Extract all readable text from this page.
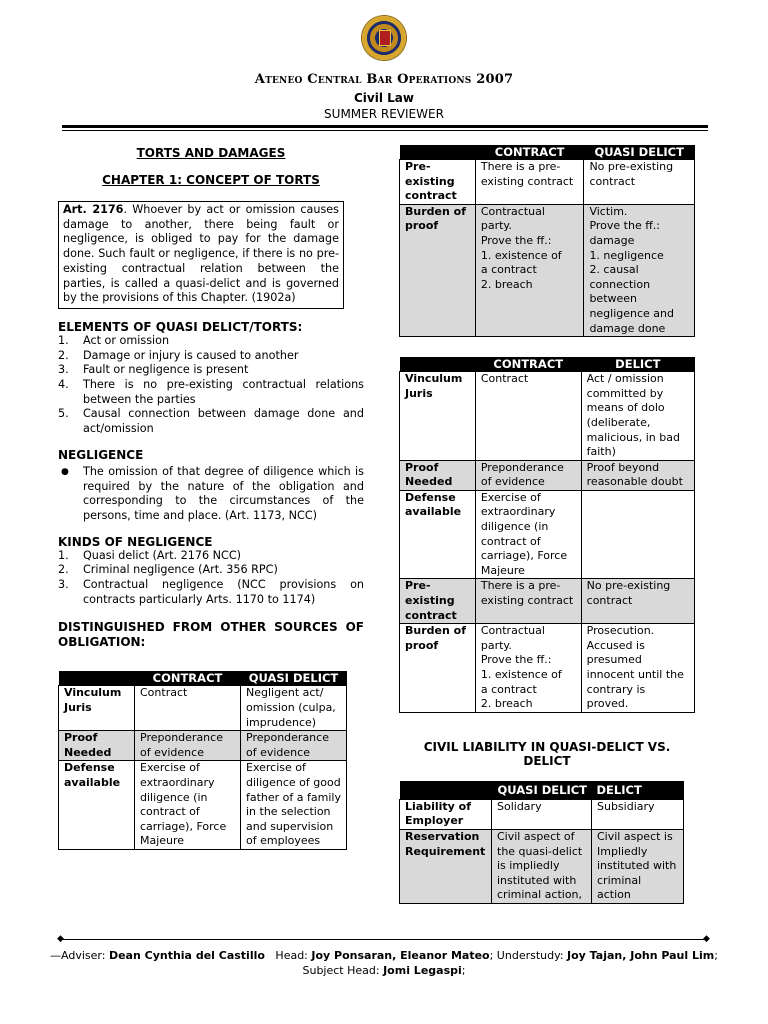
Ateneo Central Bar Operations 2007
Civil Law
SUMMER REVIEWER
TORTS AND DAMAGES
CHAPTER 1: CONCEPT OF TORTS
Art. 2176. Whoever by act or omission causes damage to another, there being fault or negligence, is obliged to pay for the damage done. Such fault or negligence, if there is no pre-existing contractual relation between the parties, is called a quasi-delict and is governed by the provisions of this Chapter. (1902a)
ELEMENTS OF QUASI DELICT/TORTS:
1.	Act or omission
2.	Damage or injury is caused to another
3.	Fault or negligence is present
4.	There is no pre-existing contractual relations between the parties
5.	Causal connection between damage done and act/omission
NEGLIGENCE
●	The omission of that degree of diligence which is required by the nature of the obligation and corresponding to the circumstances of the persons, time and place. (Art. 1173, NCC)
KINDS OF NEGLIGENCE
1.	Quasi delict (Art. 2176 NCC)
2.	Criminal negligence (Art. 356 RPC)
3.	Contractual negligence (NCC provisions on contracts particularly Arts. 1170 to 1174)
DISTINGUISHED FROM OTHER SOURCES OF OBLIGATION:
	CONTRACT	QUASI DELICT
Vinculum Juris	Contract	Negligent act/ omission (culpa, imprudence)
Proof Needed	Preponderance of evidence	Preponderance of evidence
Defense available	Exercise of extraordinary diligence (in contract of carriage), Force Majeure	Exercise of diligence of good father of a family in the selection and supervision of employees
	CONTRACT	QUASI DELICT
Pre-existing contract	There is a pre-existing contract	No pre-existing contract
Burden of proof	Contractual party.
Prove the ff.:
1. existence of
a contract
2. breach	Victim.
Prove the ff.:
damage
1. negligence
2. causal connection between negligence and damage done
	CONTRACT	DELICT
Vinculum Juris	Contract	Act / omission committed by means of dolo (deliberate, malicious, in bad faith)
Proof Needed	Preponderance of evidence	Proof beyond reasonable doubt
Defense available	Exercise of extraordinary diligence (in contract of carriage), Force Majeure	
Pre-existing contract	There is a pre-existing contract	No pre-existing contract
Burden of proof	Contractual party.
Prove the ff.:
1. existence of
a contract
2. breach	Prosecution. Accused is presumed innocent until the contrary is proved.
CIVIL LIABILITY IN QUASI-DELICT VS. DELICT
	QUASI DELICT	DELICT
Liability of Employer	Solidary	Subsidiary
Reservation Requirement	Civil aspect of the quasi-delict is impliedly instituted with criminal action,	Civil aspect is Impliedly instituted with criminal action
◆	◆
—Adviser: Dean Cynthia del Castillo Head: Joy Ponsaran, Eleanor Mateo; Understudy: Joy Tajan, John Paul Lim;
Subject Head: Jomi Legaspi;
